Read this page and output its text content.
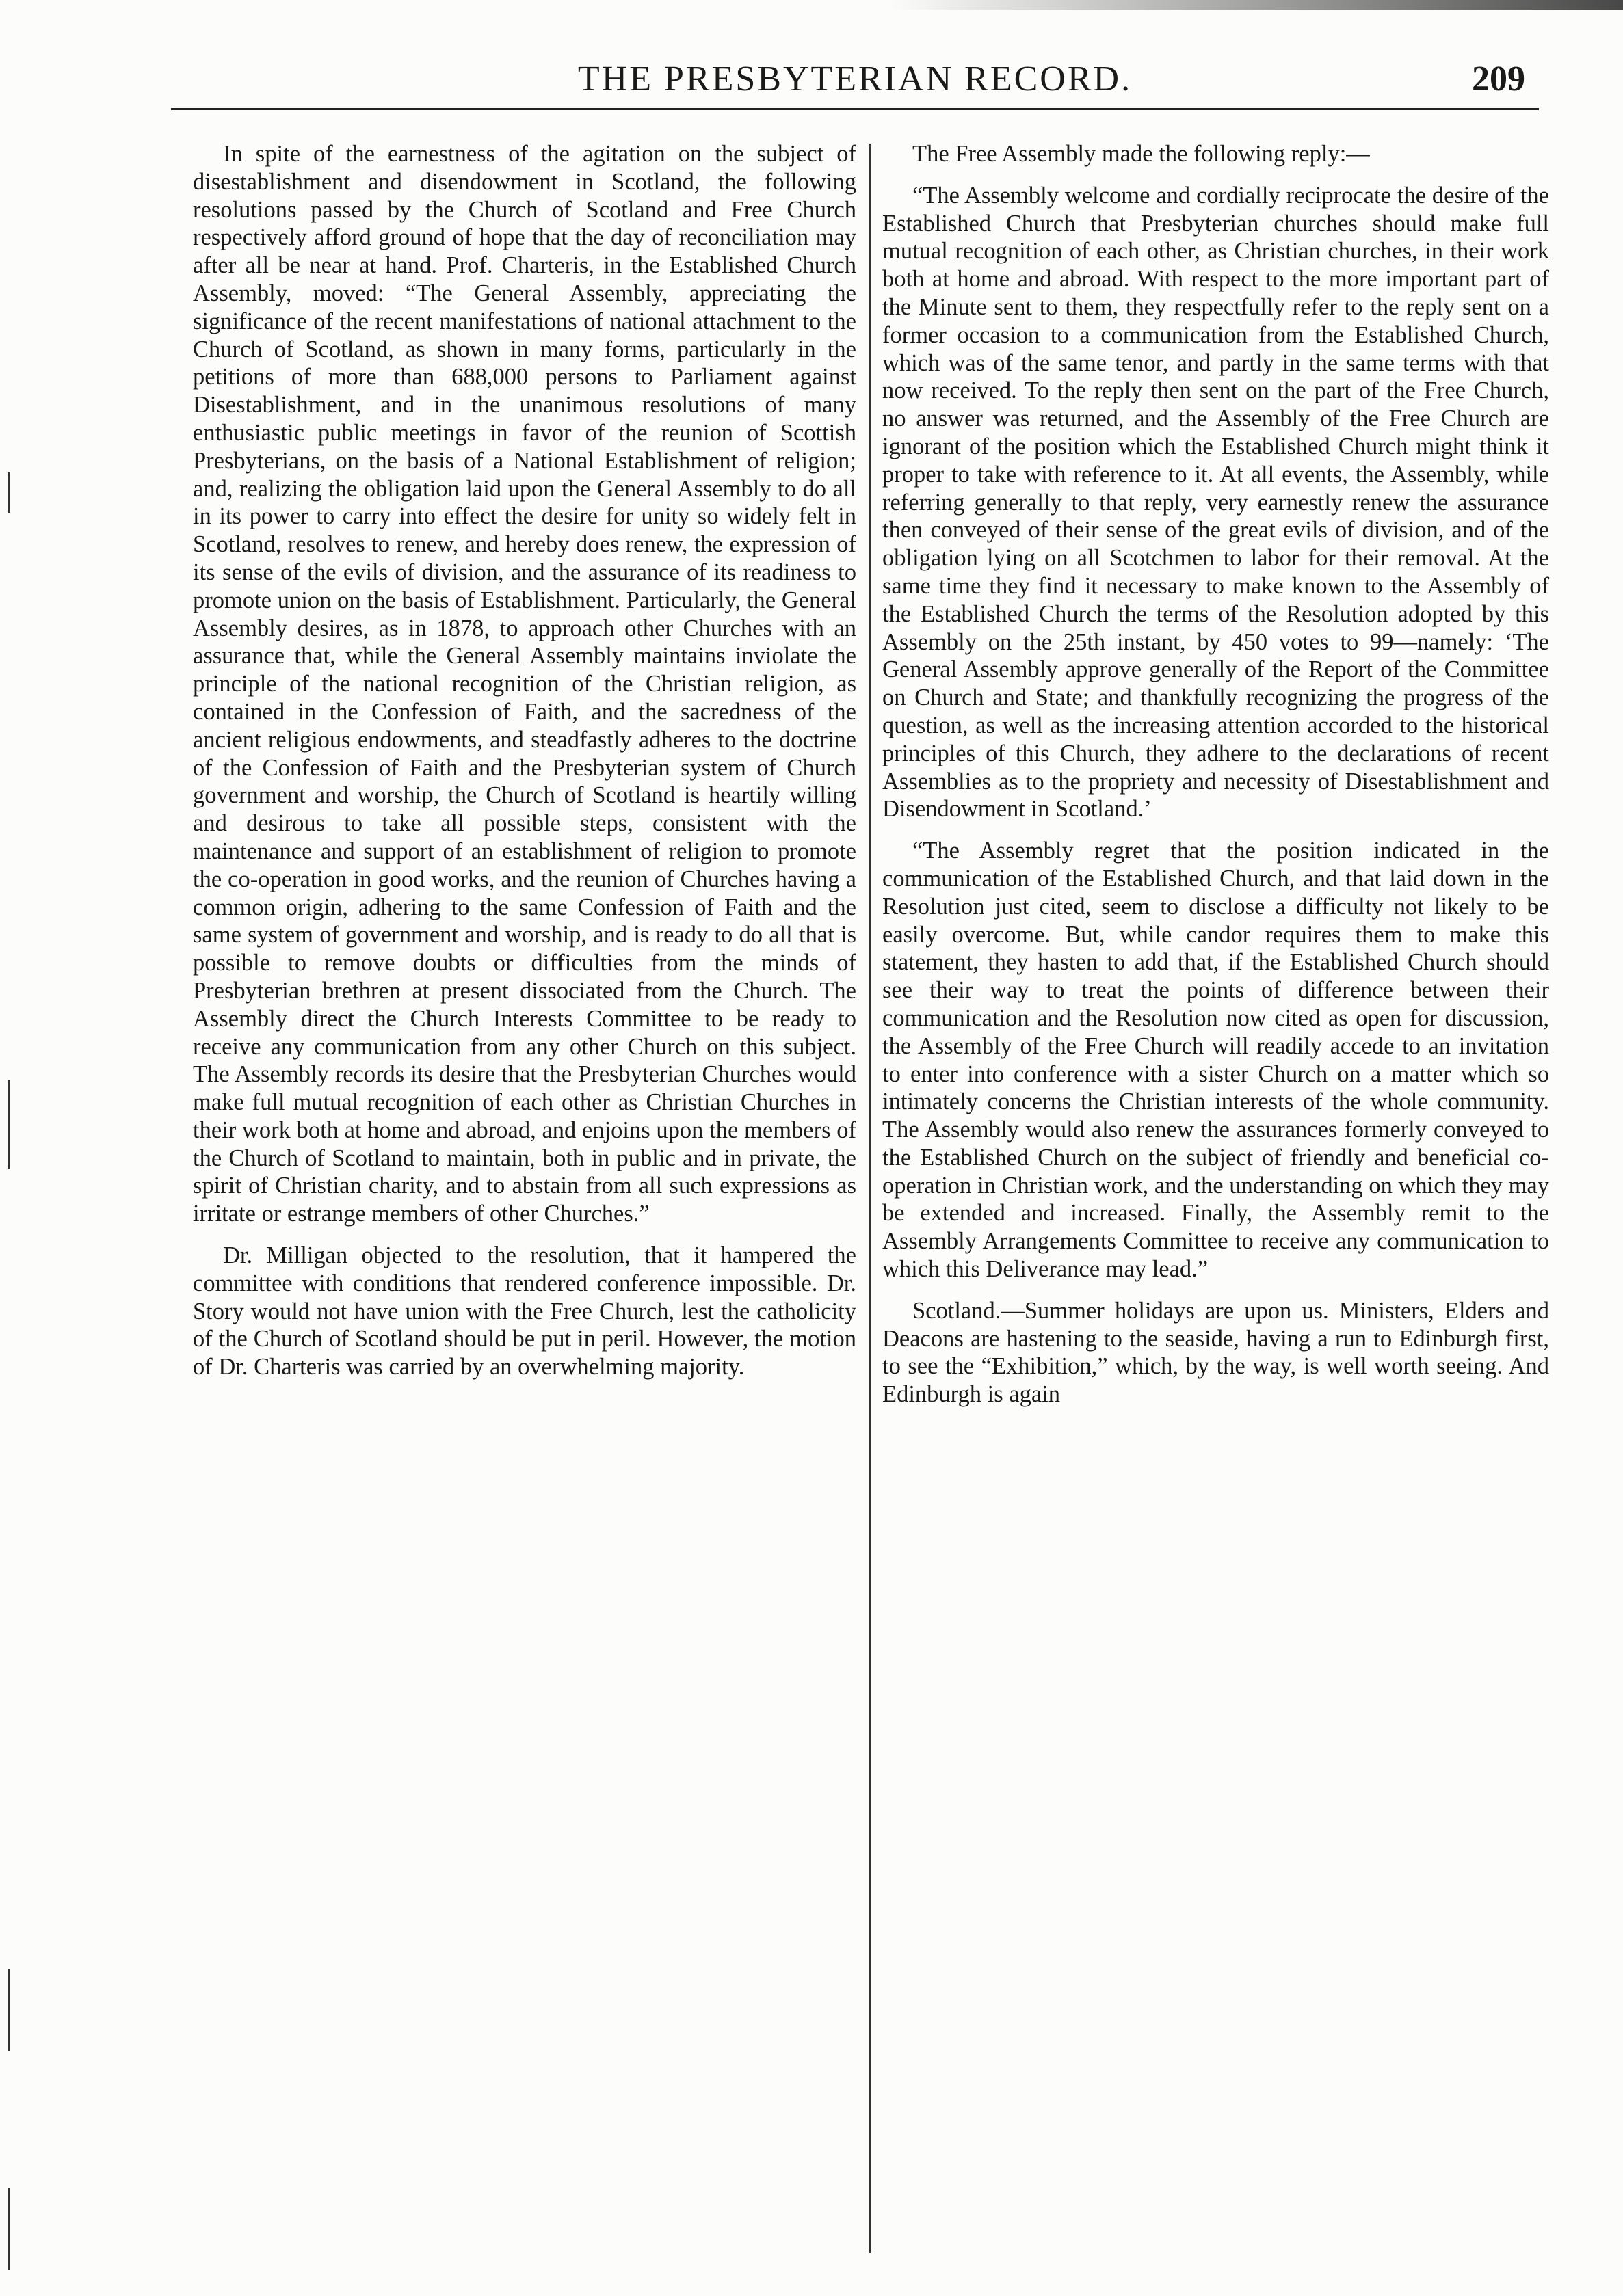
THE PRESBYTERIAN RECORD.	209

In spite of the earnestness of the agitation on the subject of disestablishment and disendowment in Scotland, the following resolutions passed by the Church of Scotland and Free Church respectively afford ground of hope that the day of reconciliation may after all be near at hand. Prof. Charteris, in the Established Church Assembly, moved: “The General Assembly, appreciating the significance of the recent manifestations of national attachment to the Church of Scotland, as shown in many forms, particularly in the petitions of more than 688,000 persons to Parliament against Disestablishment, and in the unanimous resolutions of many enthusiastic public meetings in favor of the reunion of Scottish Presbyterians, on the basis of a National Establishment of religion; and, realizing the obligation laid upon the General Assembly to do all in its power to carry into effect the desire for unity so widely felt in Scotland, resolves to renew, and hereby does renew, the expression of its sense of the evils of division, and the assurance of its readiness to promote union on the basis of Establishment. Particularly, the General Assembly desires, as in 1878, to approach other Churches with an assurance that, while the General Assembly maintains inviolate the principle of the national recognition of the Christian religion, as contained in the Confession of Faith, and the sacredness of the ancient religious endowments, and steadfastly adheres to the doctrine of the Confession of Faith and the Presbyterian system of Church government and worship, the Church of Scotland is heartily willing and desirous to take all possible steps, consistent with the maintenance and support of an establishment of religion to promote the co-operation in good works, and the reunion of Churches having a common origin, adhering to the same Confession of Faith and the same system of government and worship, and is ready to do all that is possible to remove doubts or difficulties from the minds of Presbyterian brethren at present dissociated from the Church. The Assembly direct the Church Interests Committee to be ready to receive any communication from any other Church on this subject. The Assembly records its desire that the Presbyterian Churches would make full mutual recognition of each other as Christian Churches in their work both at home and abroad, and enjoins upon the members of the Church of Scotland to maintain, both in public and in private, the spirit of Christian charity, and to abstain from all such expressions as irritate or estrange members of other Churches.”

Dr. Milligan objected to the resolution, that it hampered the committee with conditions that rendered conference impossible. Dr. Story would not have union with the Free Church, lest the catholicity of the Church of Scotland should be put in peril. However, the motion of Dr. Charteris was carried by an overwhelming majority.

The Free Assembly made the following reply:—

“The Assembly welcome and cordially reciprocate the desire of the Established Church that Presbyterian churches should make full mutual recognition of each other, as Christian churches, in their work both at home and abroad. With respect to the more important part of the Minute sent to them, they respectfully refer to the reply sent on a former occasion to a communication from the Established Church, which was of the same tenor, and partly in the same terms with that now received. To the reply then sent on the part of the Free Church, no answer was returned, and the Assembly of the Free Church are ignorant of the position which the Established Church might think it proper to take with reference to it. At all events, the Assembly, while referring generally to that reply, very earnestly renew the assurance then conveyed of their sense of the great evils of division, and of the obligation lying on all Scotchmen to labor for their removal. At the same time they find it necessary to make known to the Assembly of the Established Church the terms of the Resolution adopted by this Assembly on the 25th instant, by 450 votes to 99—namely: ‘The General Assembly approve generally of the Report of the Committee on Church and State; and thankfully recognizing the progress of the question, as well as the increasing attention accorded to the historical principles of this Church, they adhere to the declarations of recent Assemblies as to the propriety and necessity of Disestablishment and Disendowment in Scotland.’

“The Assembly regret that the position indicated in the communication of the Established Church, and that laid down in the Resolution just cited, seem to disclose a difficulty not likely to be easily overcome. But, while candor requires them to make this statement, they hasten to add that, if the Established Church should see their way to treat the points of difference between their communication and the Resolution now cited as open for discussion, the Assembly of the Free Church will readily accede to an invitation to enter into conference with a sister Church on a matter which so intimately concerns the Christian interests of the whole community. The Assembly would also renew the assurances formerly conveyed to the Established Church on the subject of friendly and beneficial co-operation in Christian work, and the understanding on which they may be extended and increased. Finally, the Assembly remit to the Assembly Arrangements Committee to receive any communication to which this Deliverance may lead.”

Scotland.—Summer holidays are upon us. Ministers, Elders and Deacons are hastening to the seaside, having a run to Edinburgh first, to see the “Exhibition,” which, by the way, is well worth seeing. And Edinburgh is again
